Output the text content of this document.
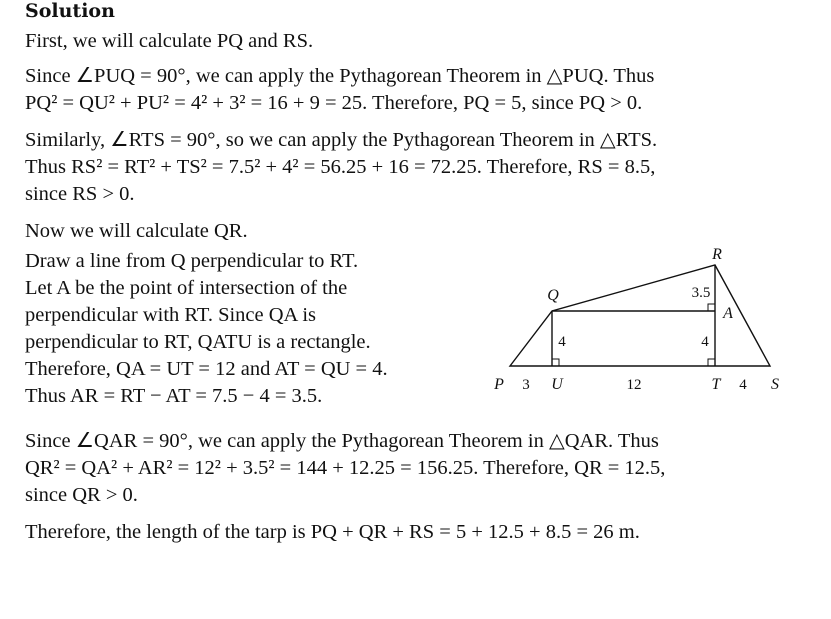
Solution
First, we will calculate PQ and RS.
Since ∠PUQ = 90°, we can apply the Pythagorean Theorem in △PUQ. Thus
PQ² = QU² + PU² = 4² + 3² = 16 + 9 = 25. Therefore, PQ = 5, since PQ > 0.
Similarly, ∠RTS = 90°, so we can apply the Pythagorean Theorem in △RTS.
Thus RS² = RT² + TS² = 7.5² + 4² = 56.25 + 16 = 72.25. Therefore, RS = 8.5,
since RS > 0.
Now we will calculate QR.
Draw a line from Q perpendicular to RT.
Let A be the point of intersection of the
perpendicular with RT. Since QA is
perpendicular to RT, QATU is a rectangle.
Therefore, QA = UT = 12 and AT = QU = 4.
Thus AR = RT − AT = 7.5 − 4 = 3.5.
Since ∠QAR = 90°, we can apply the Pythagorean Theorem in △QAR. Thus
QR² = QA² + AR² = 12² + 3.5² = 144 + 12.25 = 156.25. Therefore, QR = 12.5,
since QR > 0.
Therefore, the length of the tarp is PQ + QR + RS = 5 + 12.5 + 8.5 = 26 m.
R
Q
A
P	U	T	S
3	12	4
4	4
3.5
